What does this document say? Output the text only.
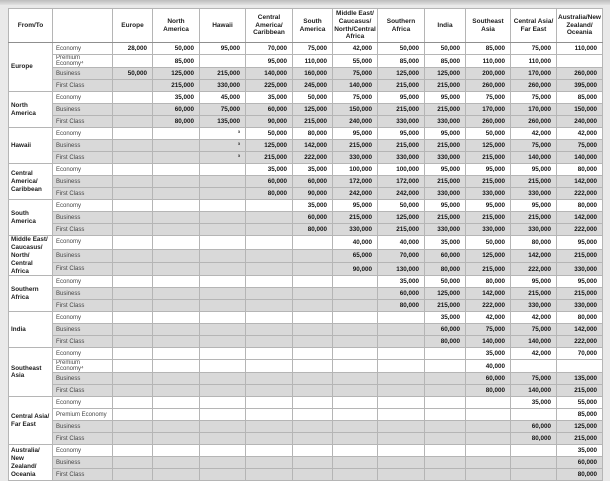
From/To		Europe	North America	Hawaii	Central America/​Caribbean	South America	Middle East/​Caucasus/​North/​Central Africa	Southern Africa	India	Southeast Asia	Central Asia/​Far East	Australia/​New Zealand/​Oceania
Europe	Economy	28,000	50,000	95,000	70,000	75,000	42,000	50,000	50,000	85,000	75,000	110,000
	Premium Economy⁴		85,000		95,000	110,000	55,000	85,000	85,000	110,000	110,000	
	Business	50,000	125,000	215,000	140,000	160,000	75,000	125,000	125,000	200,000	170,000	260,000
	First Class		215,000	330,000	225,000	245,000	140,000	215,000	215,000	260,000	260,000	395,000
North America	Economy		35,000	45,000	35,000	50,000	75,000	95,000	95,000	75,000	75,000	85,000
	Business		60,000	75,000	60,000	125,000	150,000	215,000	215,000	170,000	170,000	150,000
	First Class		80,000	135,000	90,000	215,000	240,000	330,000	330,000	260,000	260,000	240,000
Hawaii	Economy			³	50,000	80,000	95,000	95,000	95,000	50,000	42,000	42,000
	Business			³	125,000	142,000	215,000	215,000	215,000	125,000	75,000	75,000
	First Class			³	215,000	222,000	330,000	330,000	330,000	215,000	140,000	140,000
Central America/​Caribbean	Economy				35,000	35,000	100,000	100,000	95,000	95,000	95,000	80,000
	Business				60,000	60,000	172,000	172,000	215,000	215,000	215,000	142,000
	First Class				80,000	90,000	242,000	242,000	330,000	330,000	330,000	222,000
South America	Economy					35,000	95,000	50,000	95,000	95,000	95,000	80,000
	Business					60,000	215,000	125,000	215,000	215,000	215,000	142,000
	First Class					80,000	330,000	215,000	330,000	330,000	330,000	222,000
Middle East/​Caucasus/​North/​Central Africa	Economy						40,000	40,000	35,000	50,000	80,000	95,000
	Business						65,000	70,000	60,000	125,000	142,000	215,000
	First Class						90,000	130,000	80,000	215,000	222,000	330,000
Southern Africa	Economy							35,000	50,000	80,000	95,000	95,000
	Business							60,000	125,000	142,000	215,000	215,000
	First Class							80,000	215,000	222,000	330,000	330,000
India	Economy								35,000	42,000	42,000	80,000
	Business								60,000	75,000	75,000	142,000
	First Class								80,000	140,000	140,000	222,000
Southeast Asia	Economy									35,000	42,000	70,000
	Premium Economy⁴									40,000		
	Business									60,000	75,000	135,000
	First Class									80,000	140,000	215,000
Central Asia/​Far East	Economy										35,000	55,000
	Premium Economy											85,000
	Business										60,000	125,000
	First Class										80,000	215,000
Australia/​New Zealand/​Oceania	Economy											35,000
	Business											60,000
	First Class											80,000
